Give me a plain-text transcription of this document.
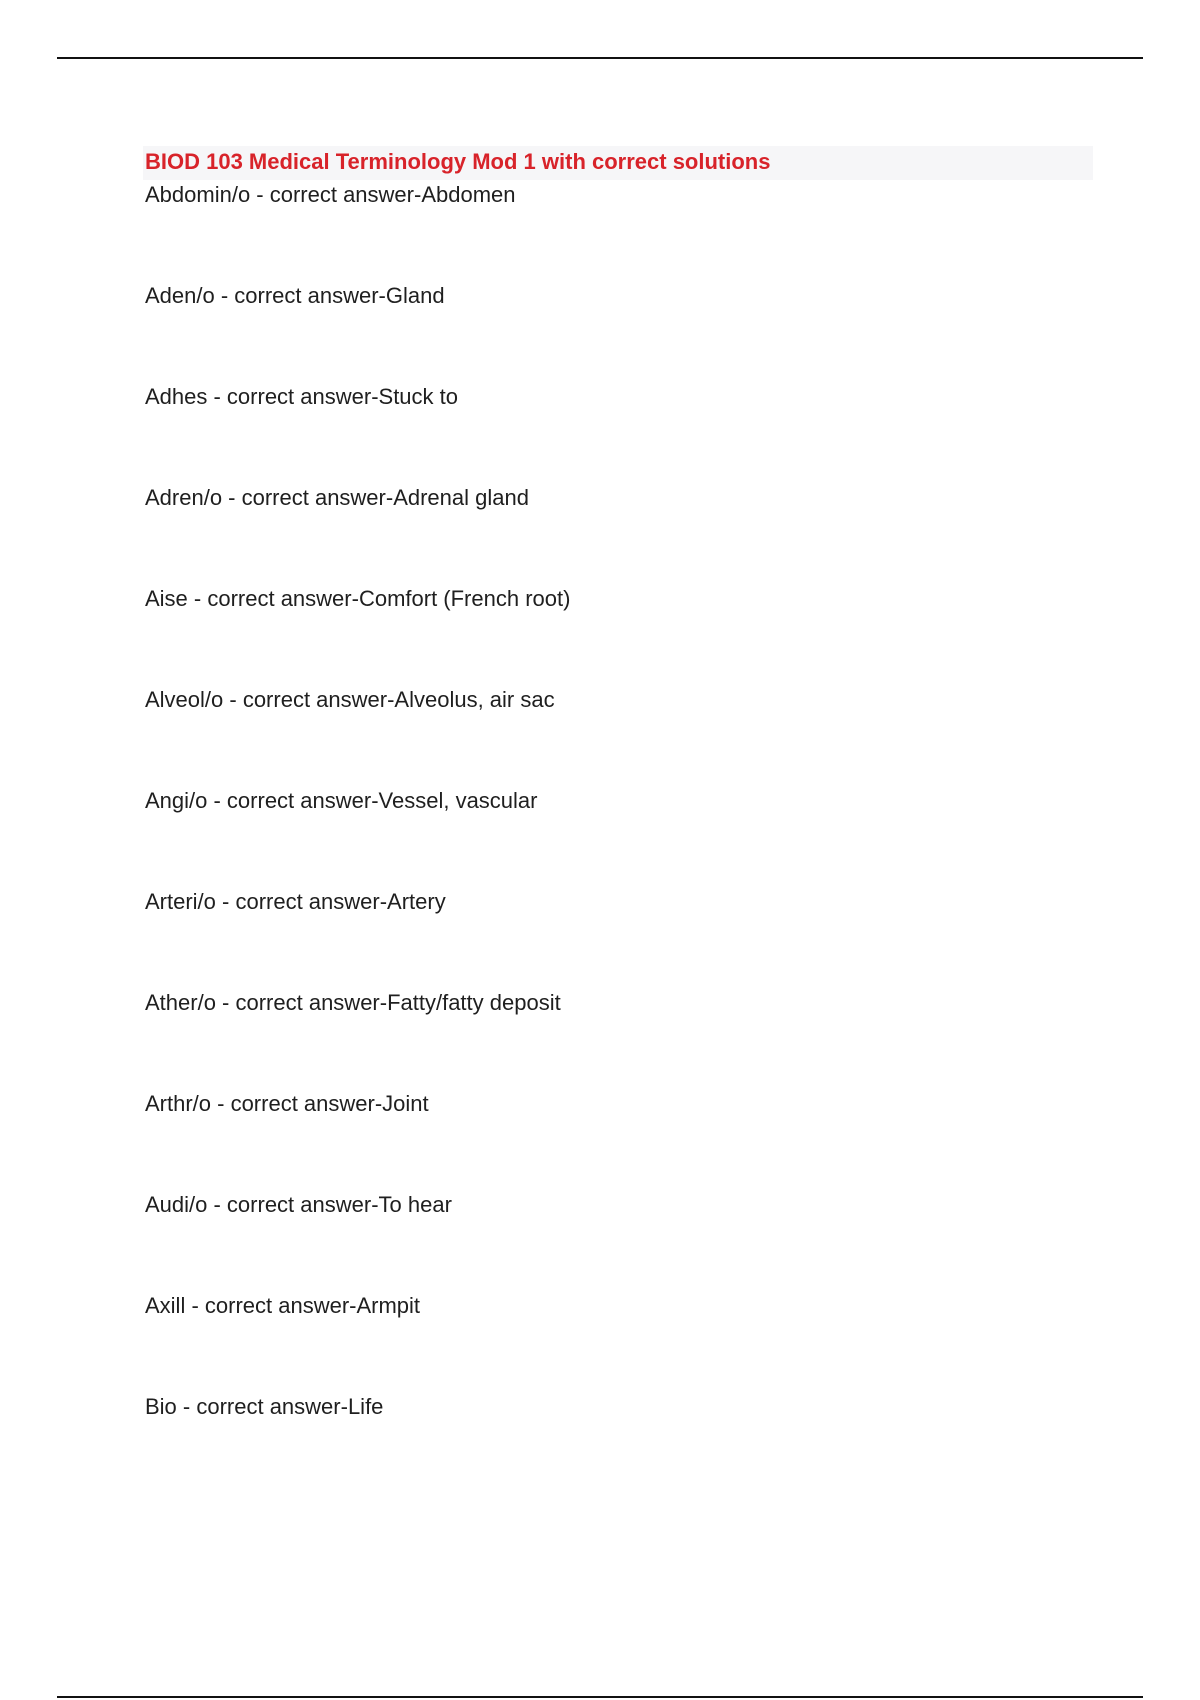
BIOD 103 Medical Terminology Mod 1 with correct solutions
Abdomin/o - correct answer-Abdomen
Aden/o - correct answer-Gland
Adhes - correct answer-Stuck to
Adren/o - correct answer-Adrenal gland
Aise - correct answer-Comfort (French root)
Alveol/o - correct answer-Alveolus, air sac
Angi/o - correct answer-Vessel, vascular
Arteri/o - correct answer-Artery
Ather/o - correct answer-Fatty/fatty deposit
Arthr/o - correct answer-Joint
Audi/o - correct answer-To hear
Axill - correct answer-Armpit
Bio - correct answer-Life
